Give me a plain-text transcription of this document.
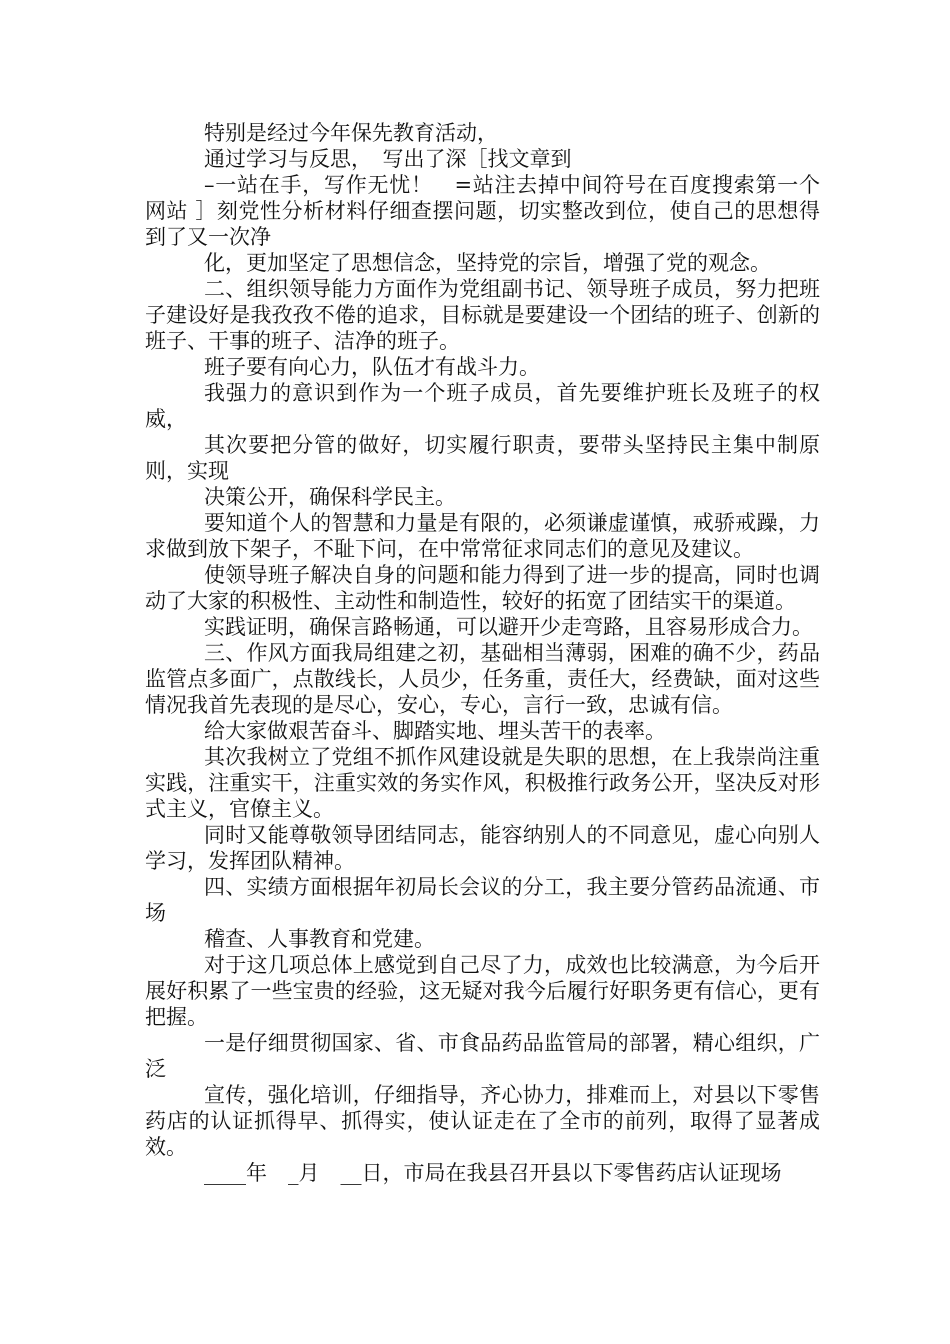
特别是经过今年保先教育活动，

通过学习与反思，　写出了深［找文章到

–一站在手，写作无忧！　=站注去掉中间符号在百度搜索第一个网站 ］刻党性分析材料仔细查摆问题，切实整改到位，使自己的思想得到了又一次净

化，更加坚定了思想信念，坚持党的宗旨，增强了党的观念。

二、组织领导能力方面作为党组副书记、领导班子成员，努力把班子建设好是我孜孜不倦的追求，目标就是要建设一个团结的班子、创新的班子、干事的班子、洁净的班子。

班子要有向心力，队伍才有战斗力。

我强力的意识到作为一个班子成员，首先要维护班长及班子的权威，

其次要把分管的做好，切实履行职责，要带头坚持民主集中制原则，实现

决策公开，确保科学民主。

要知道个人的智慧和力量是有限的，必须谦虚谨慎，戒骄戒躁，力求做到放下架子，不耻下问，在中常常征求同志们的意见及建议。

使领导班子解决自身的问题和能力得到了进一步的提高，同时也调动了大家的积极性、主动性和制造性，较好的拓宽了团结实干的渠道。

实践证明，确保言路畅通，可以避开少走弯路，且容易形成合力。

三、作风方面我局组建之初，基础相当薄弱，困难的确不少，药品监管点多面广，点散线长，人员少，任务重，责任大，经费缺，面对这些情况我首先表现的是尽心，安心，专心，言行一致，忠诚有信。

给大家做艰苦奋斗、脚踏实地、埋头苦干的表率。

其次我树立了党组不抓作风建设就是失职的思想，在上我崇尚注重实践，注重实干，注重实效的务实作风，积极推行政务公开，坚决反对形式主义，官僚主义。

同时又能尊敬领导团结同志，能容纳别人的不同意见，虚心向别人学习，发挥团队精神。

四、实绩方面根据年初局长会议的分工，我主要分管药品流通、市场

稽查、人事教育和党建。

对于这几项总体上感觉到自己尽了力，成效也比较满意，为今后开展好积累了一些宝贵的经验，这无疑对我今后履行好职务更有信心，更有把握。

一是仔细贯彻国家、省、市食品药品监管局的部署，精心组织，广泛

宣传，强化培训，仔细指导，齐心协力，排难而上，对县以下零售药店的认证抓得早、抓得实，使认证走在了全市的前列，取得了显著成效。

____年　_月　__日，市局在我县召开县以下零售药店认证现场
